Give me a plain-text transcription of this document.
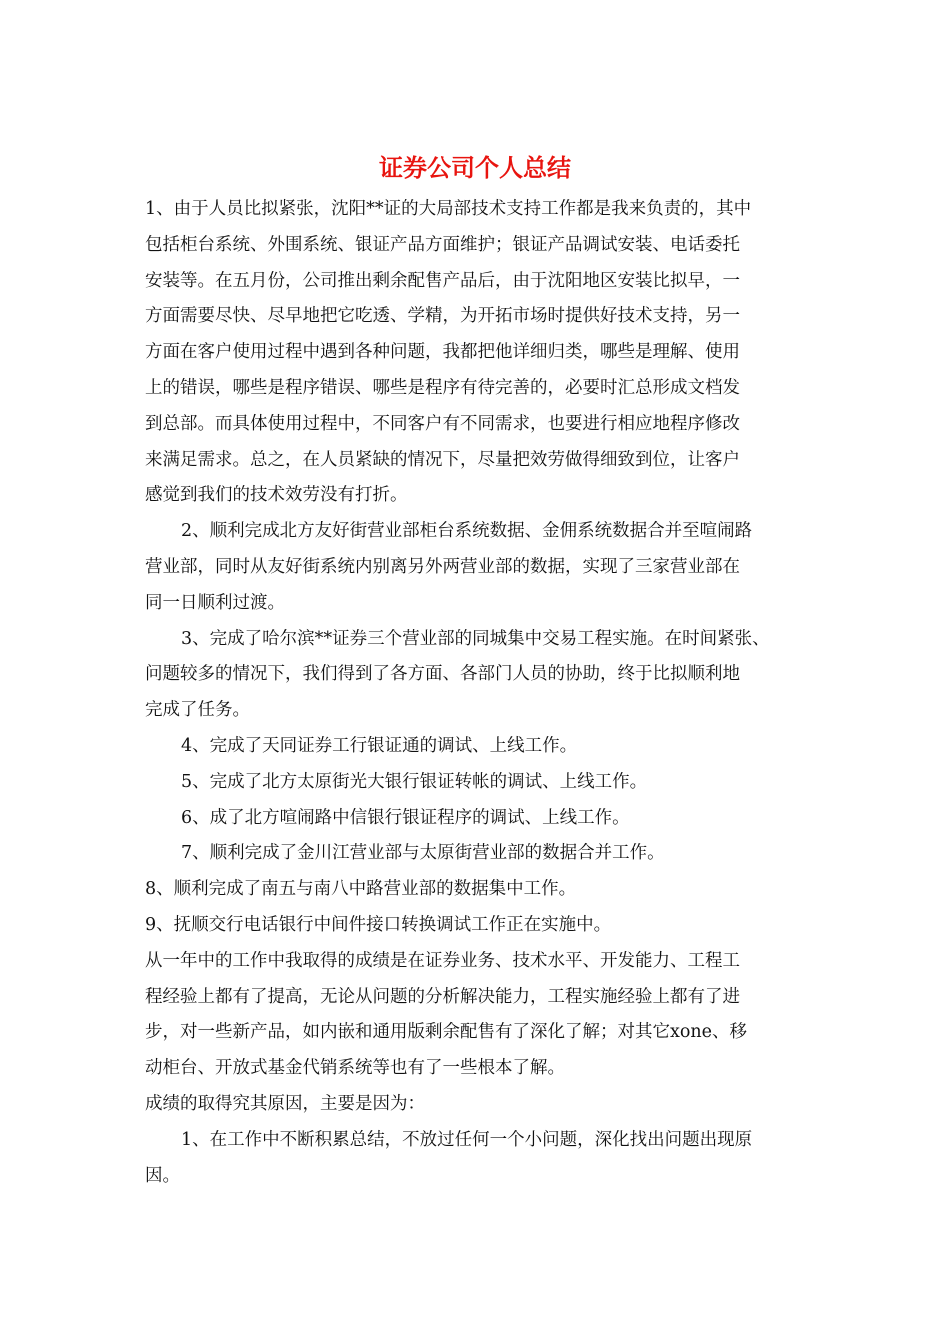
证券公司个人总结

1、由于人员比拟紧张，沈阳**证的大局部技术支持工作都是我来负责的，其中

包括柜台系统、外围系统、银证产品方面维护；银证产品调试安装、电话委托

安装等。在五月份，公司推出剩余配售产品后，由于沈阳地区安装比拟早，一

方面需要尽快、尽早地把它吃透、学精，为开拓市场时提供好技术支持，另一

方面在客户使用过程中遇到各种问题，我都把他详细归类，哪些是理解、使用

上的错误，哪些是程序错误、哪些是程序有待完善的，必要时汇总形成文档发

到总部。而具体使用过程中，不同客户有不同需求，也要进行相应地程序修改

来满足需求。总之，在人员紧缺的情况下，尽量把效劳做得细致到位，让客户

感觉到我们的技术效劳没有打折。

2、顺利完成北方友好街营业部柜台系统数据、金佣系统数据合并至喧闹路

营业部，同时从友好街系统内别离另外两营业部的数据，实现了三家营业部在

同一日顺利过渡。

3、完成了哈尔滨**证券三个营业部的同城集中交易工程实施。在时间紧张、

问题较多的情况下，我们得到了各方面、各部门人员的协助，终于比拟顺利地

完成了任务。

4、完成了天同证券工行银证通的调试、上线工作。

5、完成了北方太原街光大银行银证转帐的调试、上线工作。

6、成了北方喧闹路中信银行银证程序的调试、上线工作。

7、顺利完成了金川江营业部与太原街营业部的数据合并工作。

8、顺利完成了南五与南八中路营业部的数据集中工作。

9、抚顺交行电话银行中间件接口转换调试工作正在实施中。

从一年中的工作中我取得的成绩是在证券业务、技术水平、开发能力、工程工

程经验上都有了提高，无论从问题的分析解决能力，工程实施经验上都有了进

步，对一些新产品，如内嵌和通用版剩余配售有了深化了解；对其它xone、移

动柜台、开放式基金代销系统等也有了一些根本了解。

成绩的取得究其原因，主要是因为：

1、在工作中不断积累总结，不放过任何一个小问题，深化找出问题出现原

因。
